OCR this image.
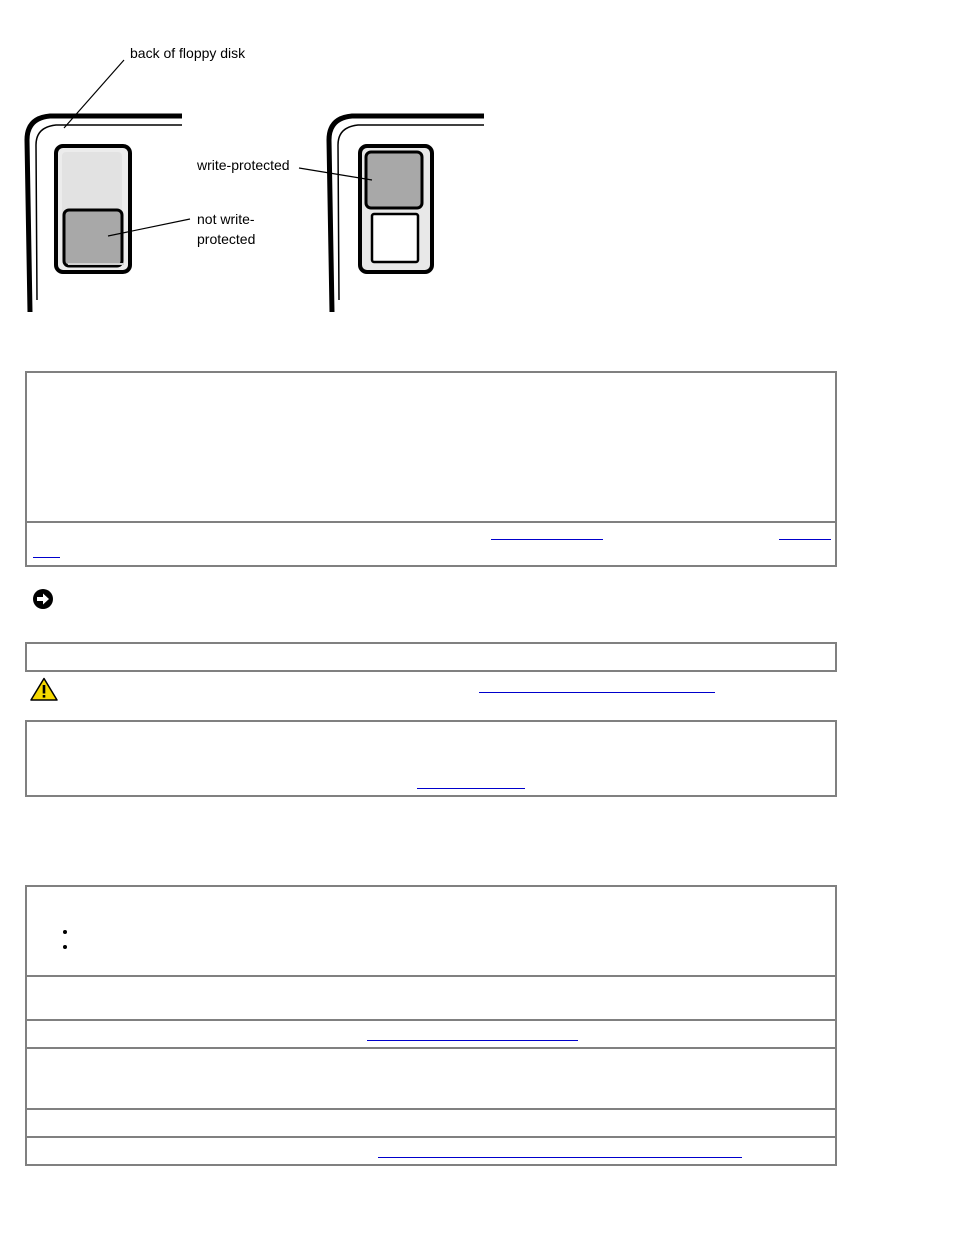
back of floppy disk
write-protected
not write-
protected
